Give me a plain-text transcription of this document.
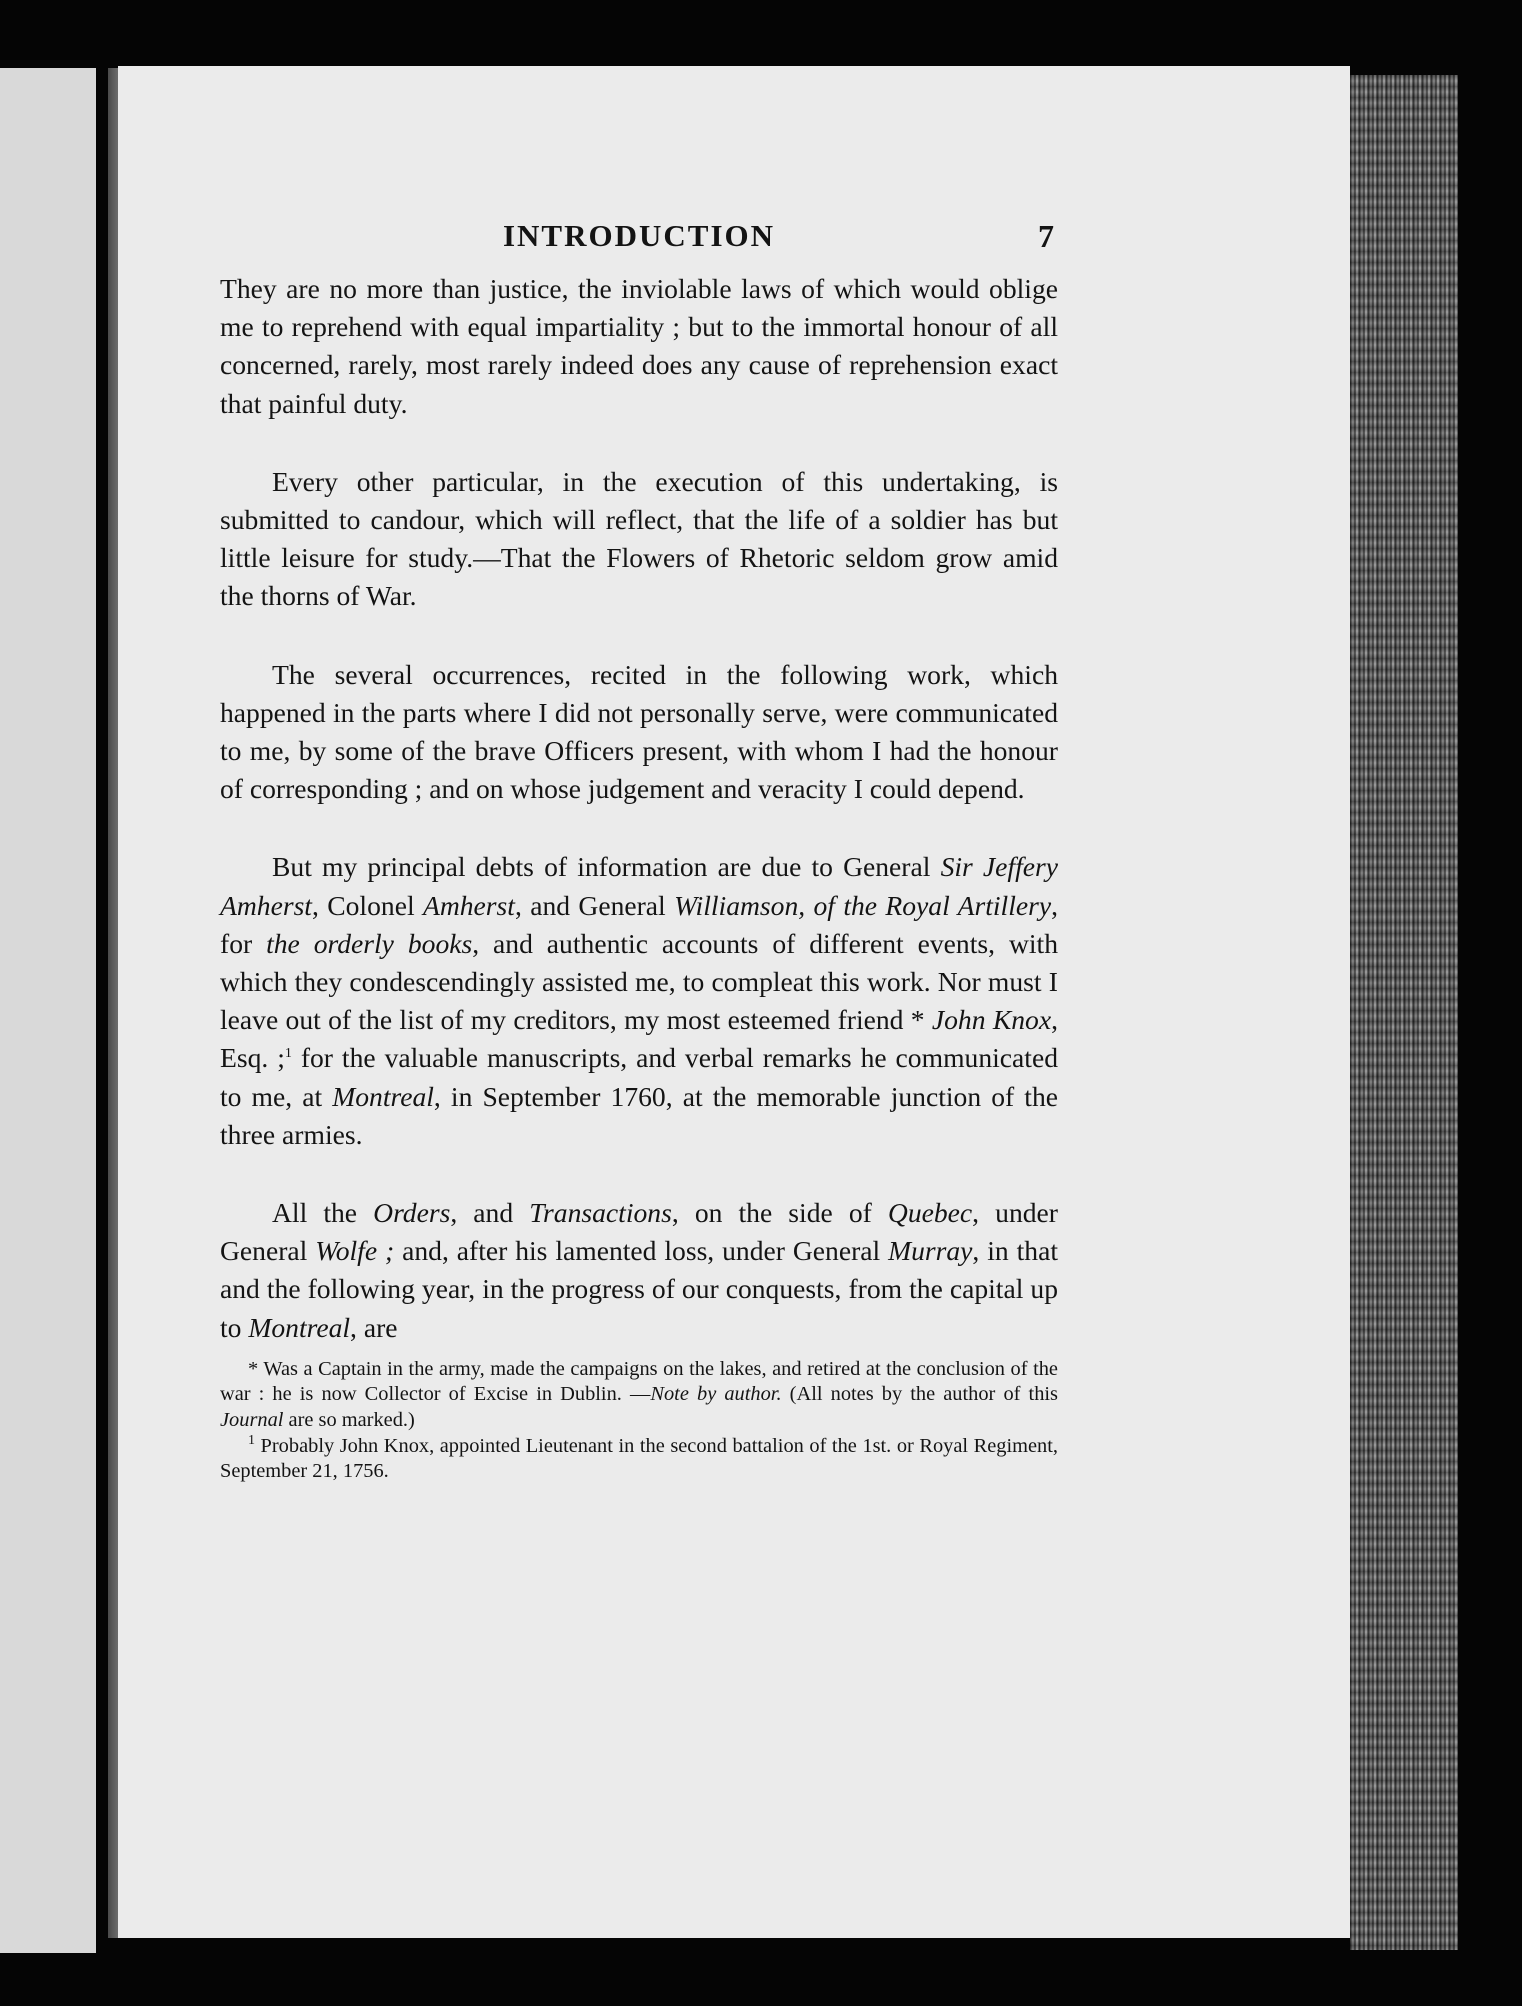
INTRODUCTION	7

They are no more than justice, the inviolable laws of which would oblige me to reprehend with equal impartiality ; but to the immortal honour of all concerned, rarely, most rarely indeed does any cause of reprehension exact that painful duty.

Every other particular, in the execution of this undertaking, is submitted to candour, which will reflect, that the life of a soldier has but little leisure for study.—That the Flowers of Rhetoric seldom grow amid the thorns of War.

The several occurrences, recited in the following work, which happened in the parts where I did not personally serve, were communicated to me, by some of the brave Officers present, with whom I had the honour of corresponding ; and on whose judgement and veracity I could depend.

But my principal debts of information are due to General Sir Jeffery Amherst, Colonel Amherst, and General Williamson, of the Royal Artillery, for the orderly books, and authentic accounts of different events, with which they condescendingly assisted me, to compleat this work. Nor must I leave out of the list of my creditors, my most esteemed friend * John Knox, Esq. ;$^1$ for the valuable manuscripts, and verbal remarks he communicated to me, at Montreal, in September 1760, at the memorable junction of the three armies.

All the Orders, and Transactions, on the side of Quebec, under General Wolfe ; and, after his lamented loss, under General Murray, in that and the following year, in the progress of our conquests, from the capital up to Montreal, are

* Was a Captain in the army, made the campaigns on the lakes, and retired at the conclusion of the war : he is now Collector of Excise in Dublin. —Note by author. (All notes by the author of this Journal are so marked.)

$^1$ Probably John Knox, appointed Lieutenant in the second battalion of the 1st. or Royal Regiment, September 21, 1756.
